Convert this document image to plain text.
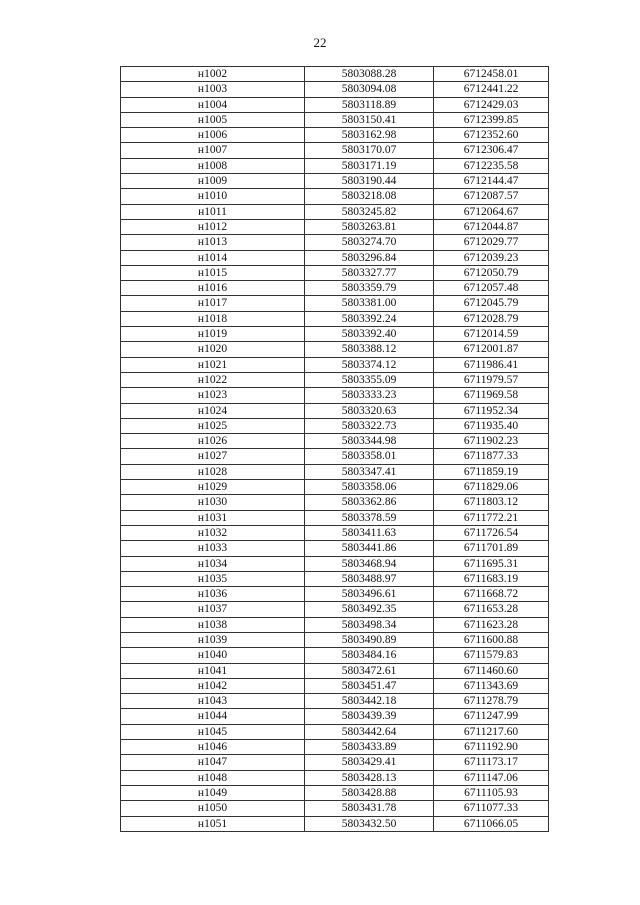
22
н1002	5803088.28	6712458.01
н1003	5803094.08	6712441.22
н1004	5803118.89	6712429.03
н1005	5803150.41	6712399.85
н1006	5803162.98	6712352.60
н1007	5803170.07	6712306.47
н1008	5803171.19	6712235.58
н1009	5803190.44	6712144.47
н1010	5803218.08	6712087.57
н1011	5803245.82	6712064.67
н1012	5803263.81	6712044.87
н1013	5803274.70	6712029.77
н1014	5803296.84	6712039.23
н1015	5803327.77	6712050.79
н1016	5803359.79	6712057.48
н1017	5803381.00	6712045.79
н1018	5803392.24	6712028.79
н1019	5803392.40	6712014.59
н1020	5803388.12	6712001.87
н1021	5803374.12	6711986.41
н1022	5803355.09	6711979.57
н1023	5803333.23	6711969.58
н1024	5803320.63	6711952.34
н1025	5803322.73	6711935.40
н1026	5803344.98	6711902.23
н1027	5803358.01	6711877.33
н1028	5803347.41	6711859.19
н1029	5803358.06	6711829.06
н1030	5803362.86	6711803.12
н1031	5803378.59	6711772.21
н1032	5803411.63	6711726.54
н1033	5803441.86	6711701.89
н1034	5803468.94	6711695.31
н1035	5803488.97	6711683.19
н1036	5803496.61	6711668.72
н1037	5803492.35	6711653.28
н1038	5803498.34	6711623.28
н1039	5803490.89	6711600.88
н1040	5803484.16	6711579.83
н1041	5803472.61	6711460.60
н1042	5803451.47	6711343.69
н1043	5803442.18	6711278.79
н1044	5803439.39	6711247.99
н1045	5803442.64	6711217.60
н1046	5803433.89	6711192.90
н1047	5803429.41	6711173.17
н1048	5803428.13	6711147.06
н1049	5803428.88	6711105.93
н1050	5803431.78	6711077.33
н1051	5803432.50	6711066.05
